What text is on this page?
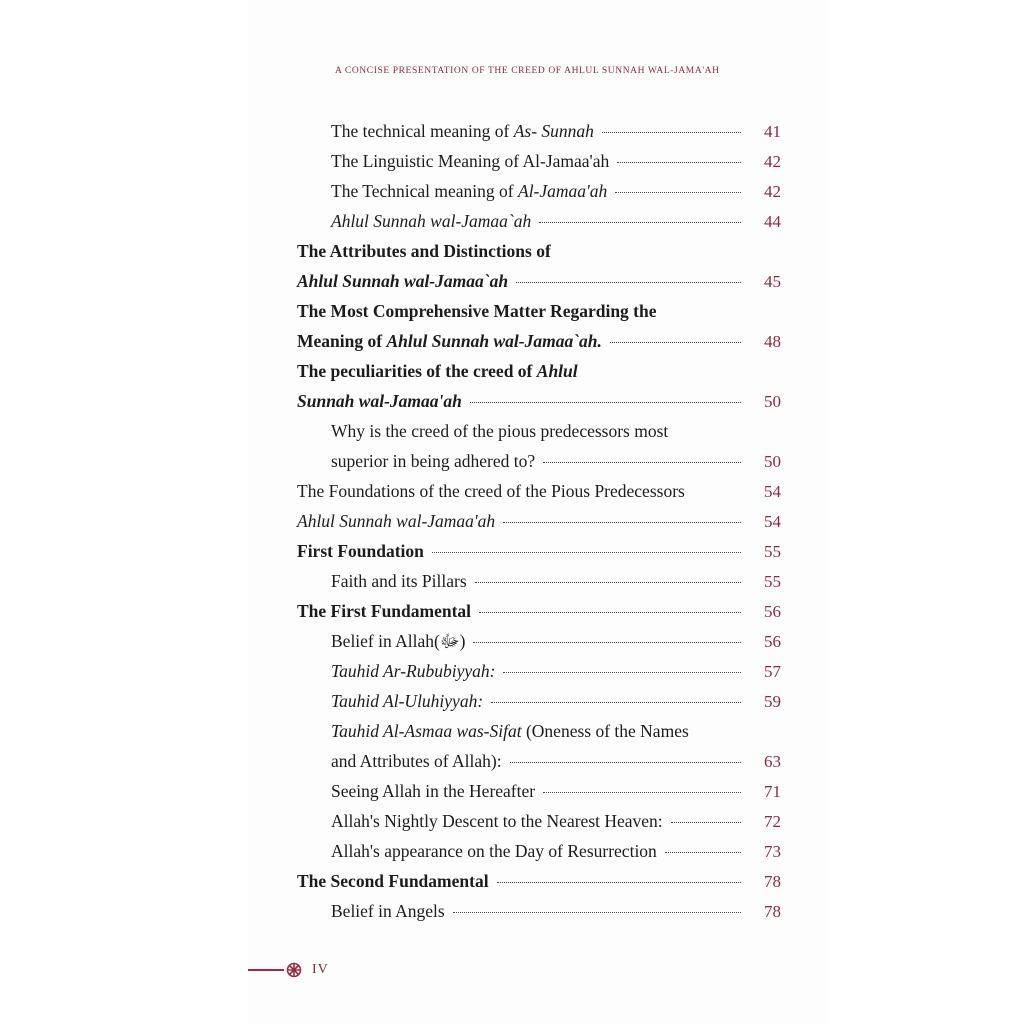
A CONCISE PRESENTATION OF THE CREED OF AHLUL SUNNAH WAL-JAMA'AH
The technical meaning of As- Sunnah	41
The Linguistic Meaning of Al-Jamaa'ah	42
The Technical meaning of Al-Jamaa'ah	42
Ahlul Sunnah wal-Jamaa`ah	44
The Attributes and Distinctions of
Ahlul Sunnah wal-Jamaa`ah	45
The Most Comprehensive Matter Regarding the
Meaning of Ahlul Sunnah wal-Jamaa`ah.	48
The peculiarities of the creed of Ahlul
Sunnah wal-Jamaa'ah	50
Why is the creed of the pious predecessors most
superior in being adhered to?	50
The Foundations of the creed of the Pious Predecessors	54
Ahlul Sunnah wal-Jamaa'ah	54
First Foundation	55
Faith and its Pillars	55
The First Fundamental	56
Belief in Allah(ﷻ)	56
Tauhid Ar-Rububiyyah:	57
Tauhid Al-Uluhiyyah:	59
Tauhid Al-Asmaa was-Sifat (Oneness of the Names
and Attributes of Allah):	63
Seeing Allah in the Hereafter	71
Allah's Nightly Descent to the Nearest Heaven:	72
Allah's appearance on the Day of Resurrection	73
The Second Fundamental	78
Belief in Angels	78
IV
